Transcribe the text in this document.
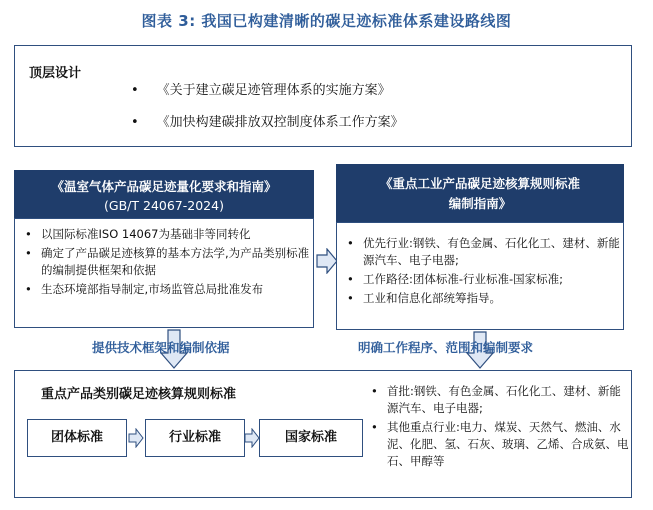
图表 3: 我国已构建清晰的碳足迹标准体系建设路线图
顶层设计
• 《关于建立碳足迹管理体系的实施方案》
• 《加快构建碳排放双控制度体系工作方案》
《温室气体产品碳足迹量化要求和指南》
(GB/T 24067-2024)
• 以国际标准ISO 14067为基础非等同转化
• 确定了产品碳足迹核算的基本方法学,为产品类别标准的编制提供框架和依据
• 生态环境部指导制定,市场监管总局批准发布
《重点工业产品碳足迹核算规则标准
编制指南》
• 优先行业:钢铁、有色金属、石化化工、建材、新能源汽车、电子电器;
• 工作路径:团体标准-行业标准-国家标准;
• 工业和信息化部统筹指导。
提供技术框架和编制依据	明确工作程序、范围和编制要求
重点产品类别碳足迹核算规则标准
团体标准	行业标准	国家标准
• 首批:钢铁、有色金属、石化化工、建材、新能源汽车、电子电器;
• 其他重点行业:电力、煤炭、天然气、燃油、水泥、化肥、氢、石灰、玻璃、乙烯、合成氨、电石、甲醇等
